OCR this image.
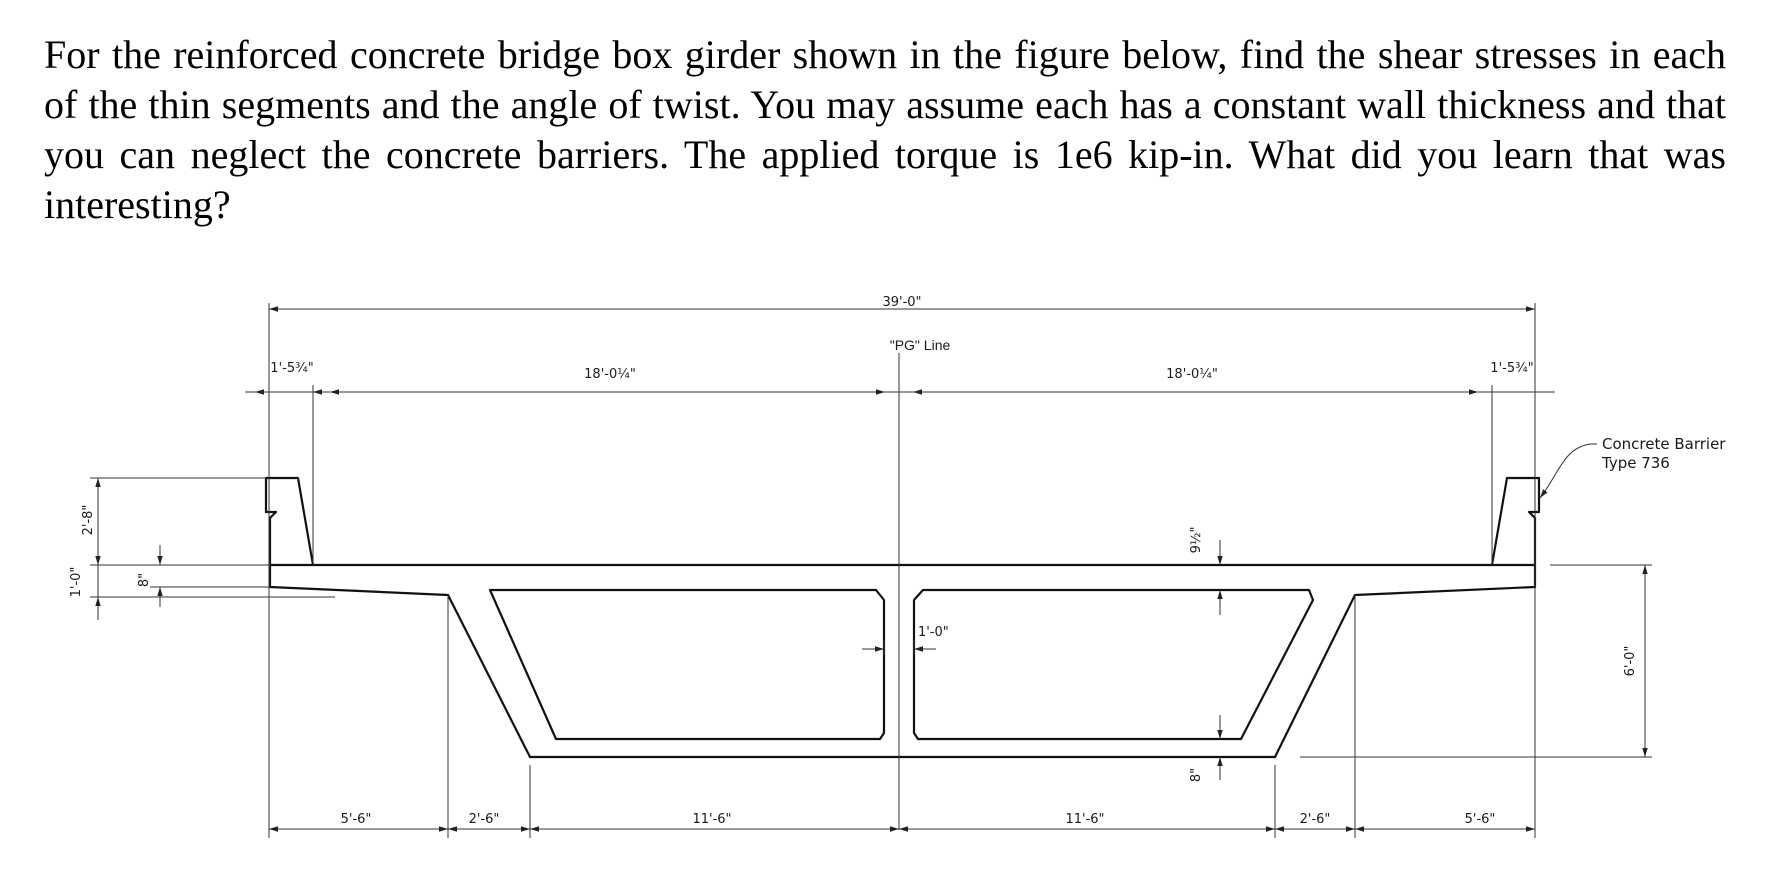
For the reinforced concrete bridge box girder shown in the figure below, find the shear stresses in each of the thin segments and the angle of twist. You may assume each has a constant wall thickness and that you can neglect the concrete barriers. The applied torque is 1e6 kip-in. What did you learn that was interesting?

39'-0"
"PG" Line
1'-5¾"	18'-0¼"	18'-0¼"	1'-5¾"
Concrete Barrier
Type 736
2'-8"
1'-0"	8"
9½"
8"
1'-0"
6'-0"
5'-6"	2'-6"	11'-6"	11'-6"	2'-6"	5'-6"
